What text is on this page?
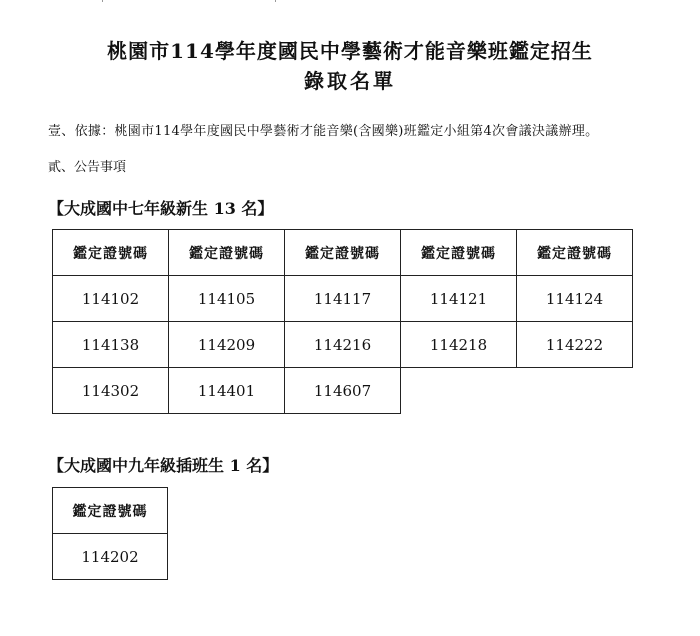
桃園市114學年度國民中學藝術才能音樂班鑑定招生
錄取名單
壹、依據：桃園市114學年度國民中學藝術才能音樂(含國樂)班鑑定小組第4次會議決議辦理。
貳、公告事項
【大成國中七年級新生 13 名】
鑑定證號碼	鑑定證號碼	鑑定證號碼	鑑定證號碼	鑑定證號碼
114102	114105	114117	114121	114124
114138	114209	114216	114218	114222
114302	114401	114607		
【大成國中九年級插班生 1 名】
鑑定證號碼
114202
